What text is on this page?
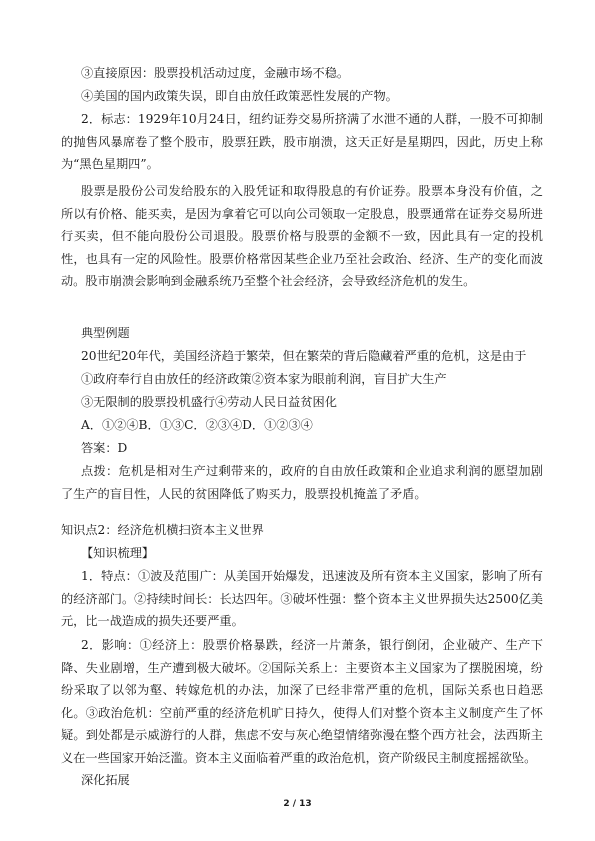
③直接原因：股票投机活动过度，金融市场不稳。

④美国的国内政策失误，即自由放任政策恶性发展的产物。

2．标志：1929年10月24日，纽约证券交易所挤满了水泄不通的人群，一股不可抑制的抛售风暴席卷了整个股市，股票狂跌，股市崩溃，这天正好是星期四，因此，历史上称为“黑色星期四”。

股票是股份公司发给股东的入股凭证和取得股息的有价证券。股票本身没有价值，之所以有价格、能买卖，是因为拿着它可以向公司领取一定股息，股票通常在证券交易所进行买卖，但不能向股份公司退股。股票价格与股票的金额不一致，因此具有一定的投机性，也具有一定的风险性。股票价格常因某些企业乃至社会政治、经济、生产的变化而波动。股市崩溃会影响到金融系统乃至整个社会经济，会导致经济危机的发生。

典型例题

20世纪20年代，美国经济趋于繁荣，但在繁荣的背后隐藏着严重的危机，这是由于

①政府奉行自由放任的经济政策②资本家为眼前利润，盲目扩大生产

③无限制的股票投机盛行④劳动人民日益贫困化

A．①②④B．①③C．②③④D．①②③④

答案：D

点拨：危机是相对生产过剩带来的，政府的自由放任政策和企业追求利润的愿望加剧了生产的盲目性，人民的贫困降低了购买力，股票投机掩盖了矛盾。

知识点2：经济危机横扫资本主义世界

【知识梳理】

1．特点：①波及范围广：从美国开始爆发，迅速波及所有资本主义国家，影响了所有的经济部门。②持续时间长：长达四年。③破坏性强：整个资本主义世界损失达2500亿美元，比一战造成的损失还要严重。

2．影响：①经济上：股票价格暴跌，经济一片萧条，银行倒闭，企业破产、生产下降、失业剧增，生产遭到极大破坏。②国际关系上：主要资本主义国家为了摆脱困境，纷纷采取了以邻为壑、转嫁危机的办法，加深了已经非常严重的危机，国际关系也日趋恶化。③政治危机：空前严重的经济危机旷日持久，使得人们对整个资本主义制度产生了怀疑。到处都是示威游行的人群，焦虑不安与灰心绝望情绪弥漫在整个西方社会，法西斯主义在一些国家开始泛滥。资本主义面临着严重的政治危机，资产阶级民主制度摇摇欲坠。

深化拓展

2 / 13
